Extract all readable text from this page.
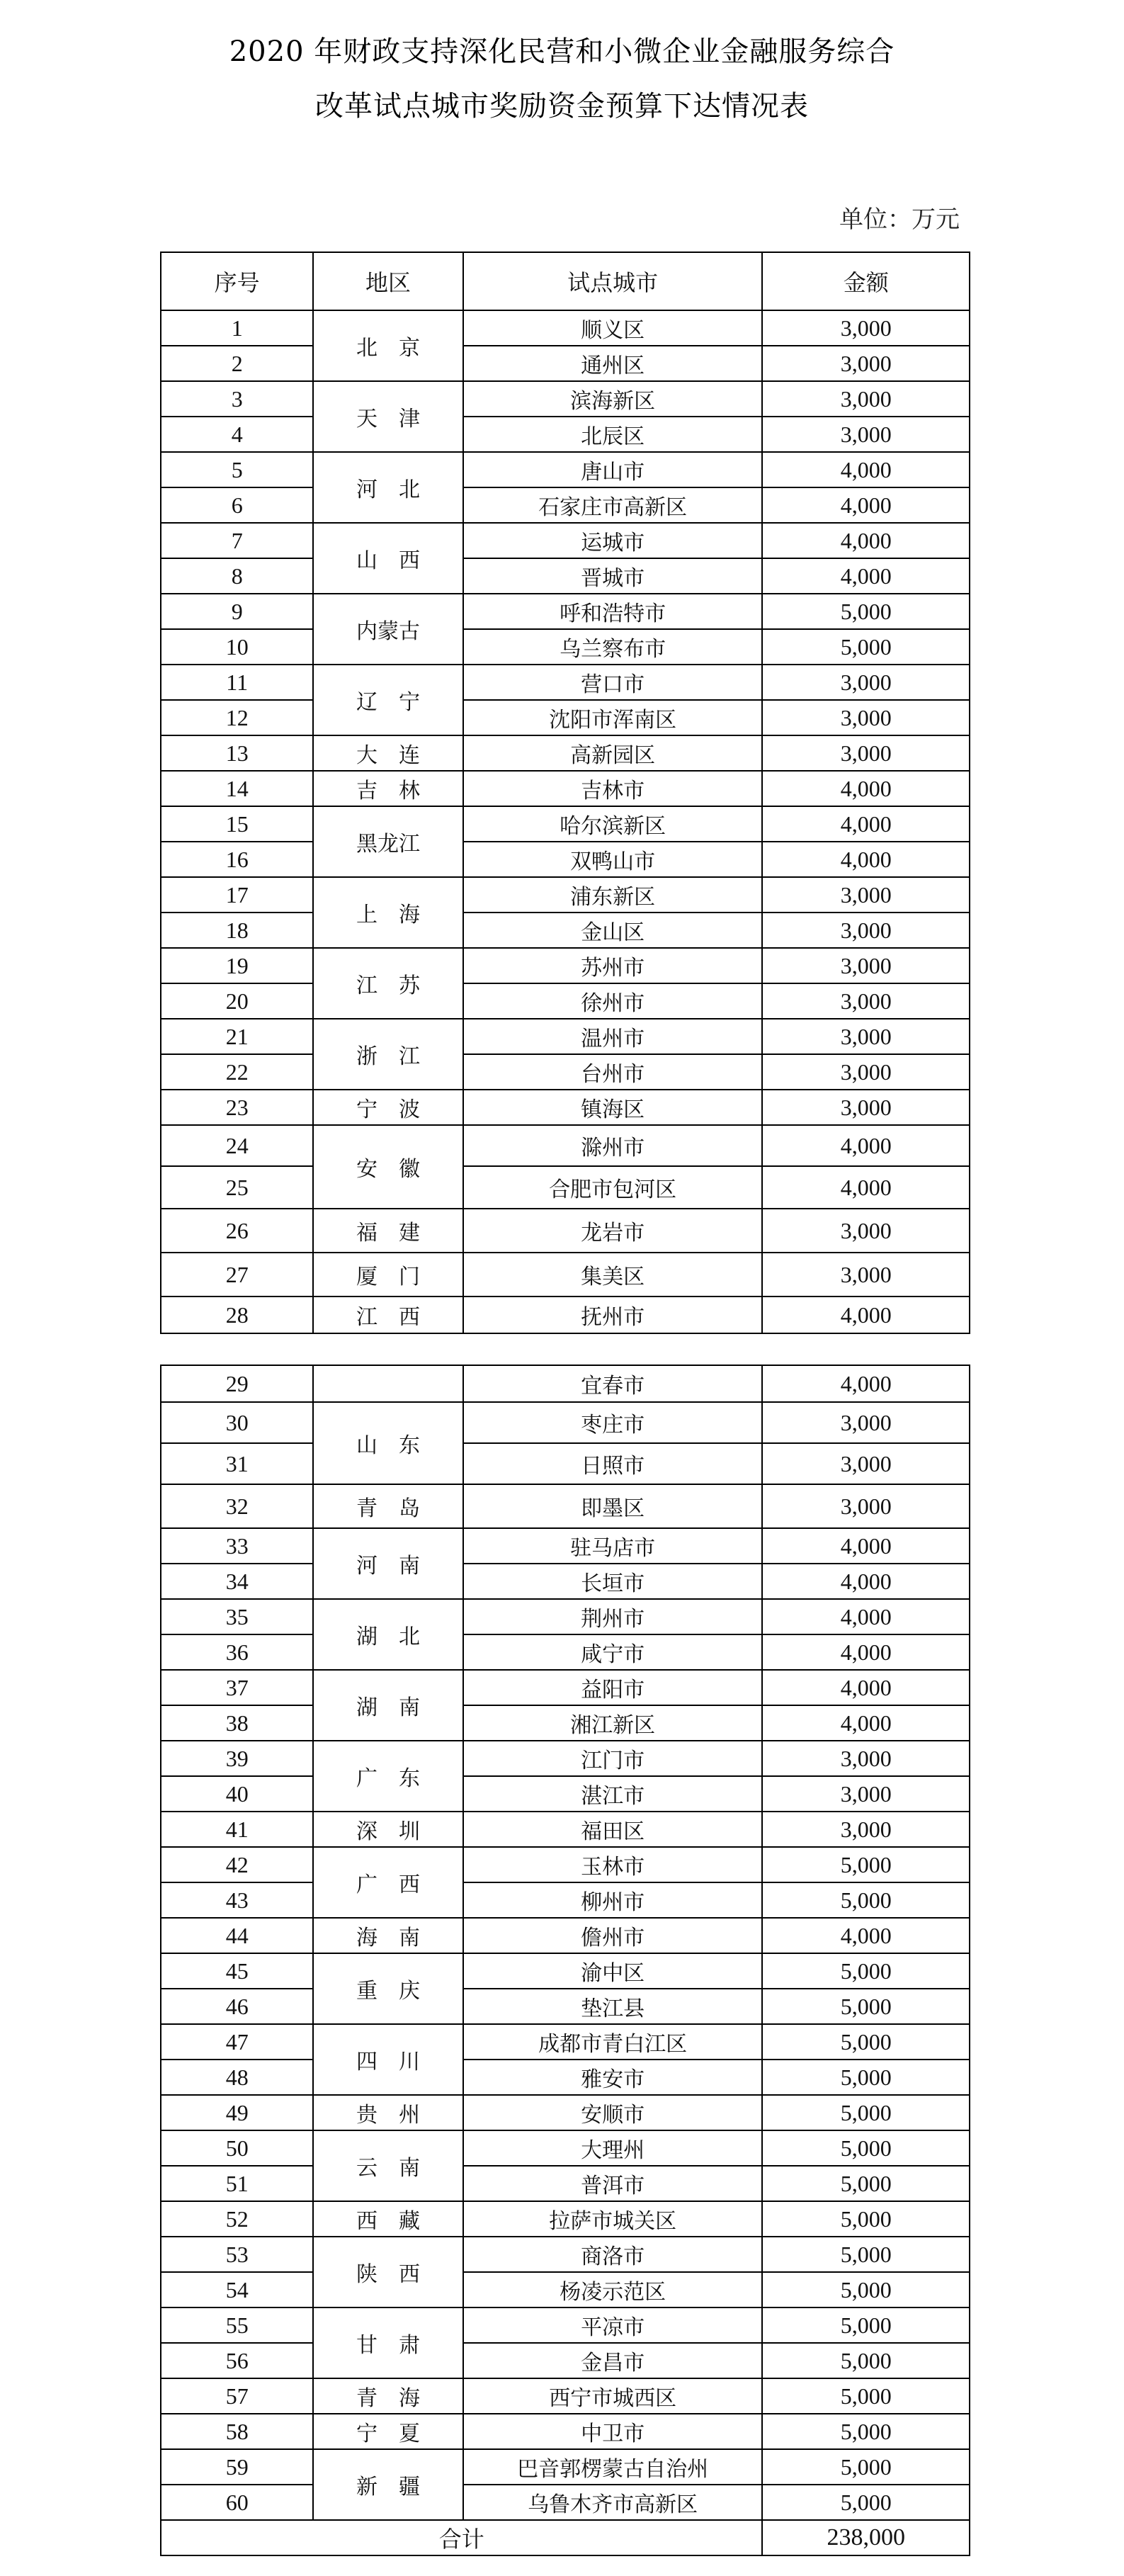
2020 年财政支持深化民营和小微企业金融服务综合
改革试点城市奖励资金预算下达情况表
单位：万元
序号	地区	试点城市	金额
1	北　京	顺义区	3,000
2		通州区	3,000
3	天　津	滨海新区	3,000
4		北辰区	3,000
5	河　北	唐山市	4,000
6		石家庄市高新区	4,000
7	山　西	运城市	4,000
8		晋城市	4,000
9	内蒙古	呼和浩特市	5,000
10		乌兰察布市	5,000
11	辽　宁	营口市	3,000
12		沈阳市浑南区	3,000
13	大　连	高新园区	3,000
14	吉　林	吉林市	4,000
15	黑龙江	哈尔滨新区	4,000
16		双鸭山市	4,000
17	上　海	浦东新区	3,000
18		金山区	3,000
19	江　苏	苏州市	3,000
20		徐州市	3,000
21	浙　江	温州市	3,000
22		台州市	3,000
23	宁　波	镇海区	3,000
24	安　徽	滁州市	4,000
25		合肥市包河区	4,000
26	福　建	龙岩市	3,000
27	厦　门	集美区	3,000
28	江　西	抚州市	4,000
29		宜春市	4,000
30	山　东	枣庄市	3,000
31		日照市	3,000
32	青　岛	即墨区	3,000
33	河　南	驻马店市	4,000
34		长垣市	4,000
35	湖　北	荆州市	4,000
36		咸宁市	4,000
37	湖　南	益阳市	4,000
38		湘江新区	4,000
39	广　东	江门市	3,000
40		湛江市	3,000
41	深　圳	福田区	3,000
42	广　西	玉林市	5,000
43		柳州市	5,000
44	海　南	儋州市	4,000
45	重　庆	渝中区	5,000
46		垫江县	5,000
47	四　川	成都市青白江区	5,000
48		雅安市	5,000
49	贵　州	安顺市	5,000
50	云　南	大理州	5,000
51		普洱市	5,000
52	西　藏	拉萨市城关区	5,000
53	陕　西	商洛市	5,000
54		杨凌示范区	5,000
55	甘　肃	平凉市	5,000
56		金昌市	5,000
57	青　海	西宁市城西区	5,000
58	宁　夏	中卫市	5,000
59	新　疆	巴音郭楞蒙古自治州	5,000
60		乌鲁木齐市高新区	5,000
合计			238,000
